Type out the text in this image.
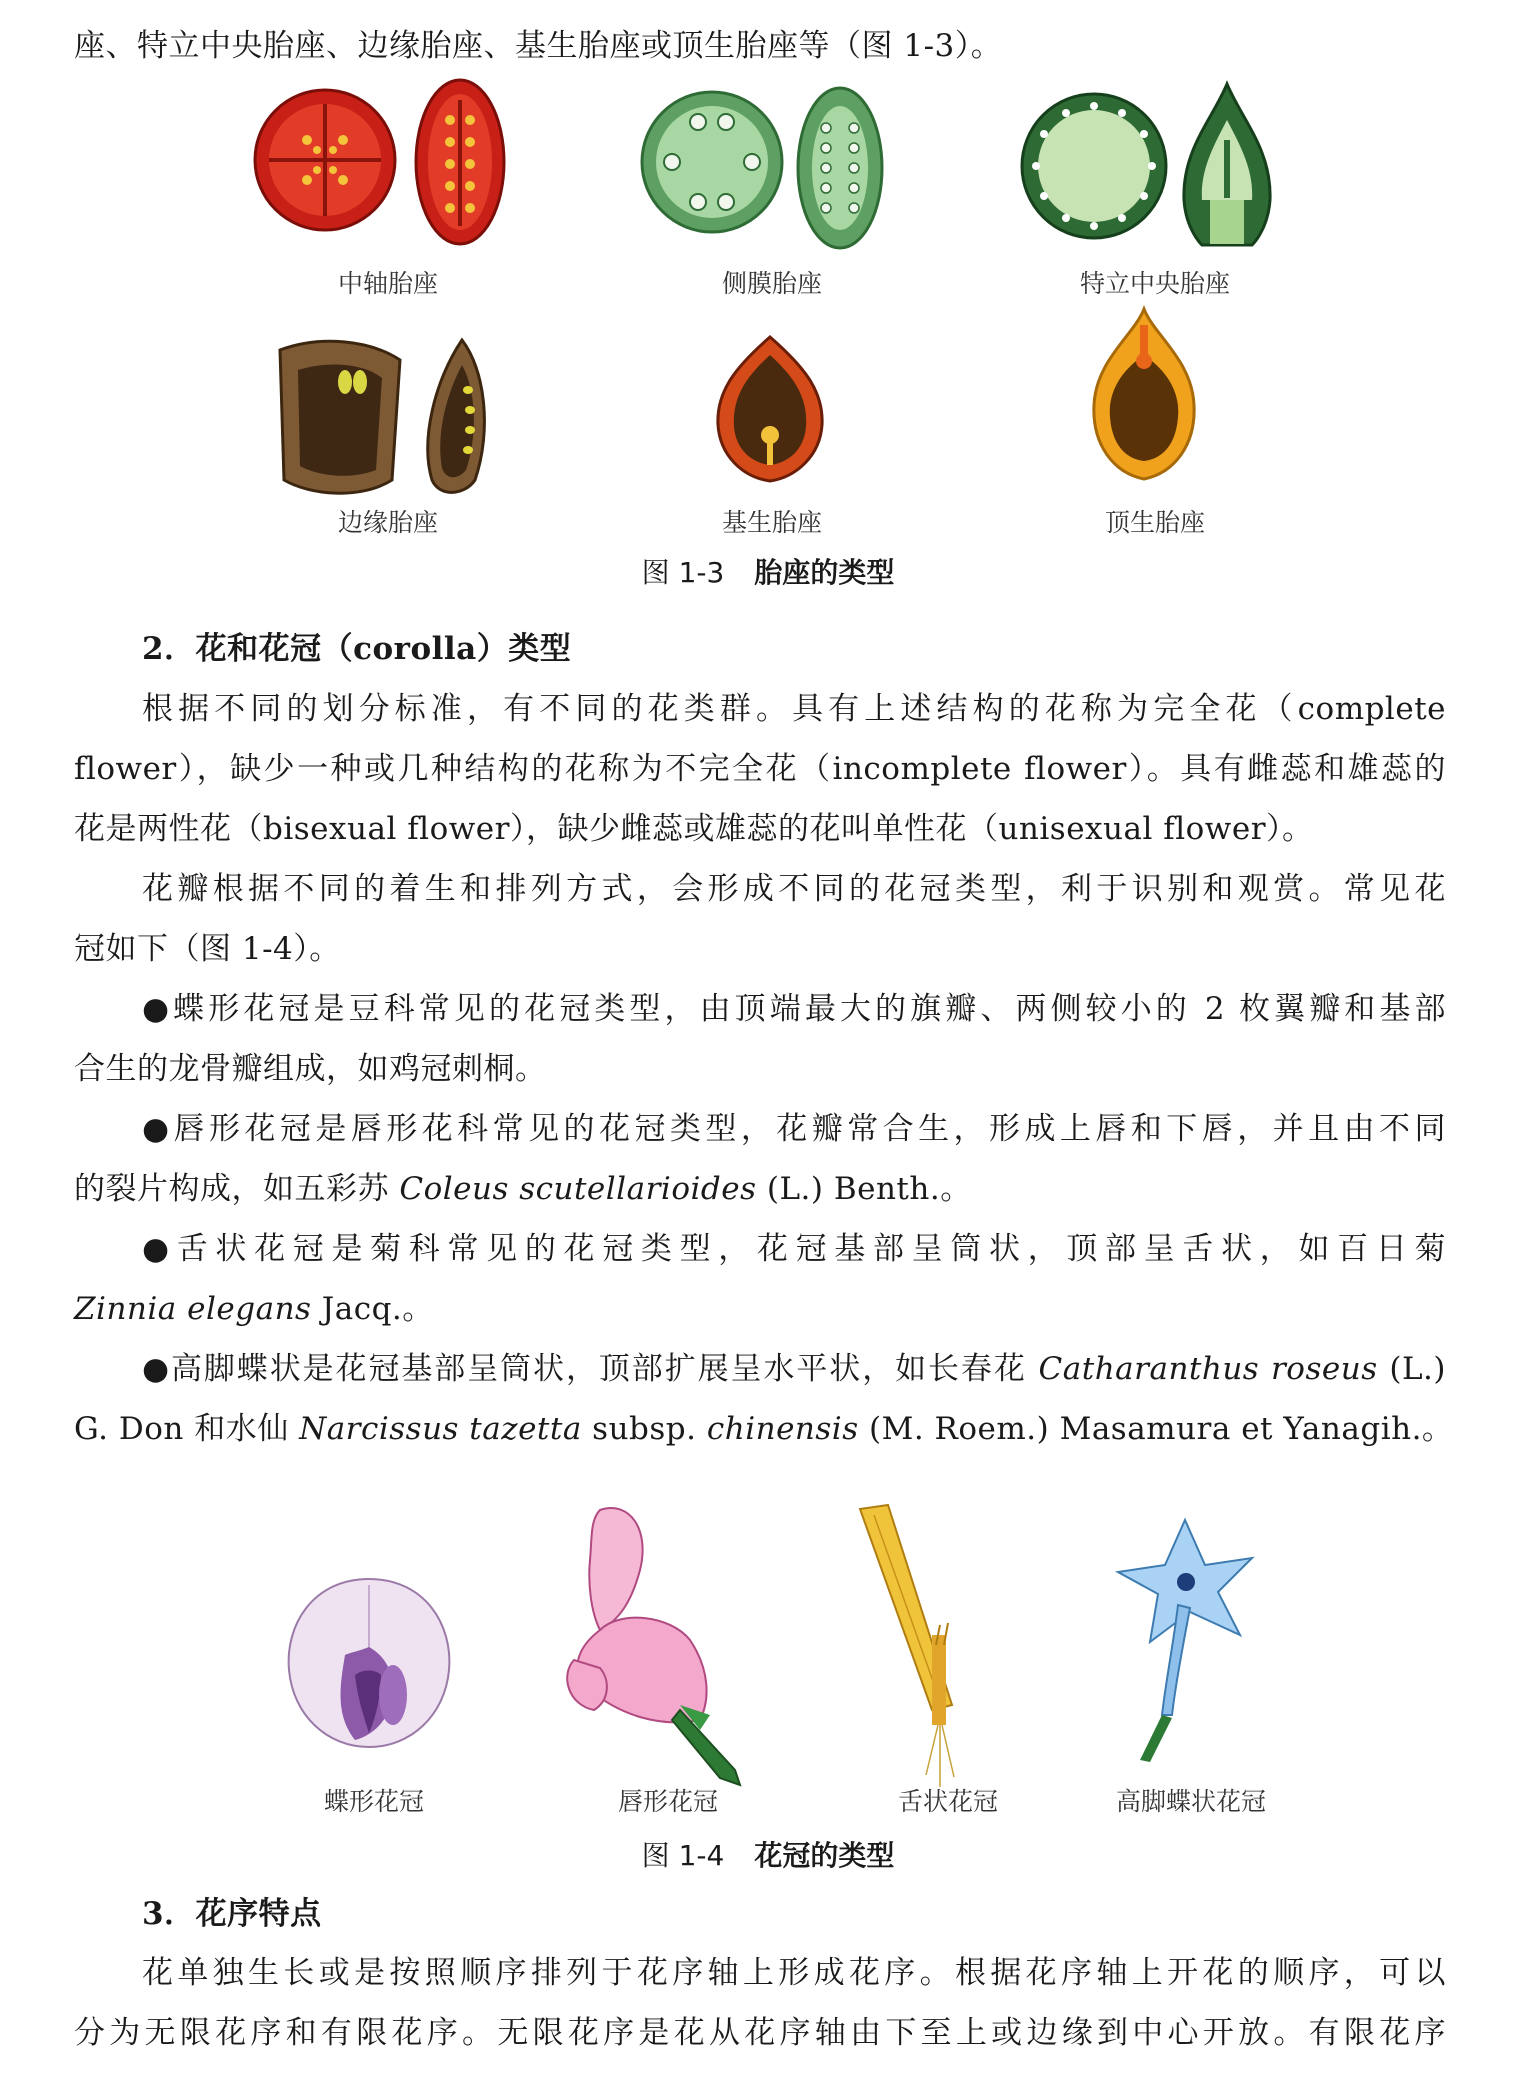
座、特立中央胎座、边缘胎座、基生胎座或顶生胎座等（图 1-3）。
中轴胎座	侧膜胎座	特立中央胎座
边缘胎座	基生胎座	顶生胎座
图 1-3 胎座的类型
2．花和花冠（corolla）类型
根据不同的划分标准，有不同的花类群。具有上述结构的花称为完全花（complete
flower），缺少一种或几种结构的花称为不完全花（incomplete flower）。具有雌蕊和雄蕊的
花是两性花（bisexual flower），缺少雌蕊或雄蕊的花叫单性花（unisexual flower）。
花瓣根据不同的着生和排列方式，会形成不同的花冠类型，利于识别和观赏。常见花
冠如下（图 1-4）。
●蝶形花冠是豆科常见的花冠类型，由顶端最大的旗瓣、两侧较小的 2 枚翼瓣和基部
合生的龙骨瓣组成，如鸡冠刺桐。
●唇形花冠是唇形花科常见的花冠类型，花瓣常合生，形成上唇和下唇，并且由不同
的裂片构成，如五彩苏 Coleus scutellarioides (L.) Benth.。
●舌状花冠是菊科常见的花冠类型，花冠基部呈筒状，顶部呈舌状，如百日菊
Zinnia elegans Jacq.。
●高脚蝶状是花冠基部呈筒状，顶部扩展呈水平状，如长春花 Catharanthus roseus (L.)
G. Don 和水仙 Narcissus tazetta subsp. chinensis (M. Roem.) Masamura et Yanagih.。
蝶形花冠	唇形花冠	舌状花冠	高脚蝶状花冠
图 1-4 花冠的类型
3．花序特点
花单独生长或是按照顺序排列于花序轴上形成花序。根据花序轴上开花的顺序，可以
分为无限花序和有限花序。无限花序是花从花序轴由下至上或边缘到中心开放。有限花序
